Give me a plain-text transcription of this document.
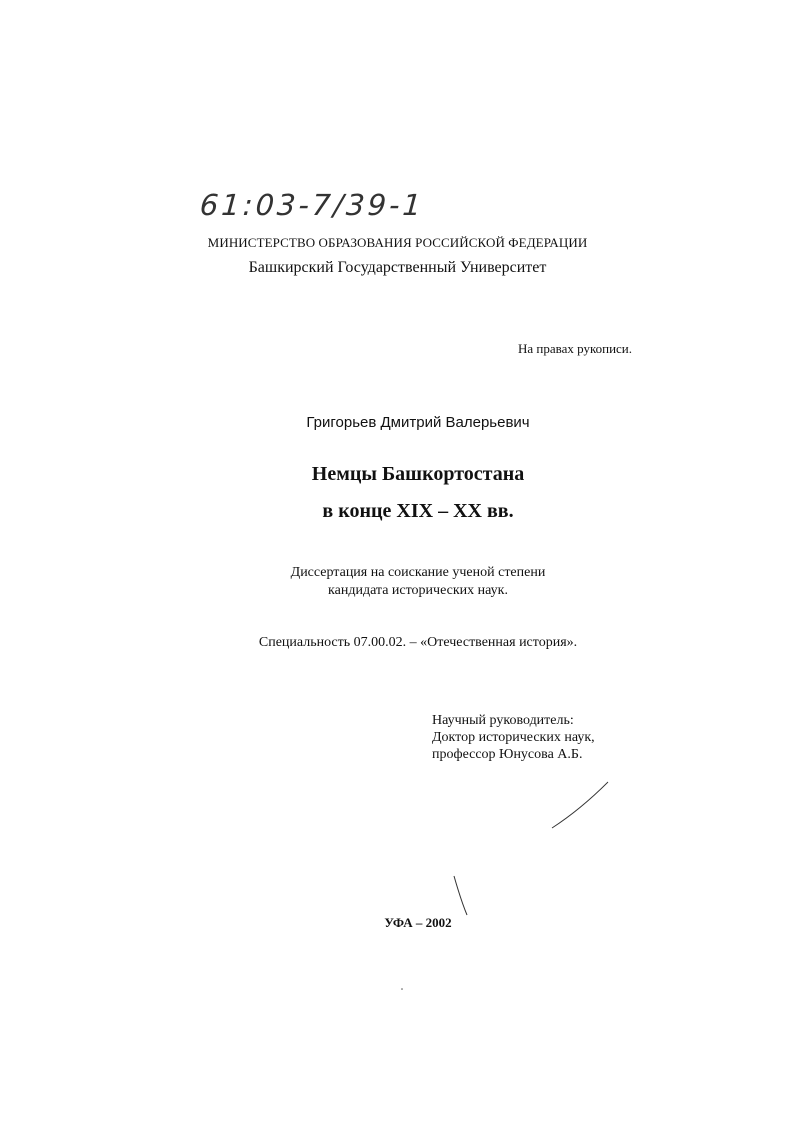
61:03-7/39-1

МИНИСТЕРСТВО ОБРАЗОВАНИЯ РОССИЙСКОЙ ФЕДЕРАЦИИ

Башкирский Государственный Университет

На правах рукописи.

Григорьев Дмитрий Валерьевич

Немцы Башкортостана

в конце XIX – XX вв.

Диссертация на соискание ученой степени

кандидата исторических наук.

Специальность 07.00.02. – «Отечественная история».

Научный руководитель:

Доктор исторических наук,

профессор Юнусова А.Б.

УФА – 2002
